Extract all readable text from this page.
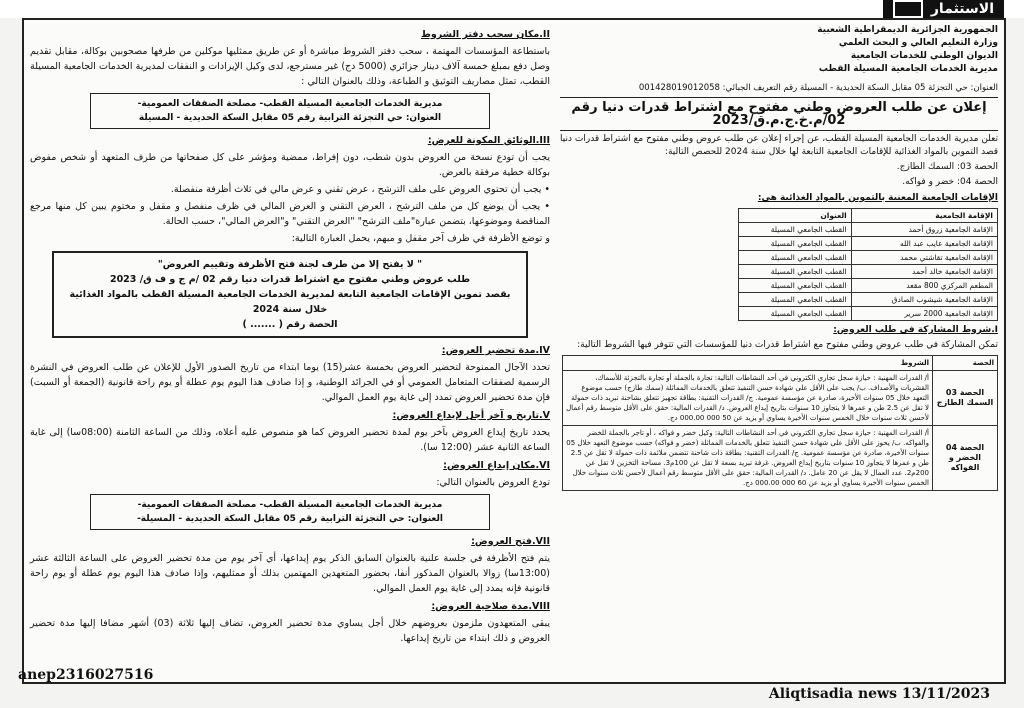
الاستثمار
II.مكان سحب دفتر الشروط
باستطاعة المؤسسات المهتمة ، سحب دفتر الشروط مباشرة أو عن طريق ممثليها موكلين من طرفها مصحوبين بوكالة، مقابل تقديم وصل دفع بمبلغ خمسة آلاف دينار جزائري (5000 دج) غير مسترجع، لدى وكيل الإيرادات و النفقات لمديرية الخدمات الجامعية المسيلة القطب، تمثل مصاريف التوثيق و الطباعة، وذلك بالعنوان التالي :
مديرية الخدمات الجامعية المسيلة القطب- مصلحة الصفقات العمومية-
العنوان: حي التجزئة الترابية رقم 05 مقابل السكة الحديدية - المسيلة
III.الوثائق المكونة للعرض:
يجب أن تودع نسخة من العروض بدون شطب، دون إفراط، ممضية ومؤشر على كل صفحاتها من طرف المتعهد أو شخص مفوض بوكالة خطية مرفقة بالعرض.
• يجب أن تحتوي العروض على ملف الترشح ، عرض تقني و عرض مالي في ثلاث أظرفة منفصلة.
• يجب أن يوضع كل من ملف الترشح ، العرض التقني و العرض المالي في ظرف منفصل و مقفل و مختوم يبين كل منها مرجع المناقصة وموضوعها، بتضمن عبارة"ملف الترشح" "العرض التقني" و"العرض المالي"، حسب الحالة.
و توضع الأظرفة في ظرف آخر مقفل و مبهم، يحمل العبارة التالية:
" لا يفتح إلا من طرف لجنة فتح الأظرفة وتقييم العروض"
طلب عروض وطني مفتوح مع اشتراط قدرات دنيا رقم 02 /م ج و ف ق/ 2023
بقصد تموين الإقامات الجامعية التابعة لمديرية الخدمات الجامعية المسيلة القطب بالمواد الغذائية خلال سنة 2024
الحصة رقم ( ....... )
IV.مدة تحضير العروض:
تحدد الآجال الممنوحة لتحضير العروض بخمسة عشر(15) يوما ابتداء من تاريخ الصدور الأول للإعلان عن طلب العروض في النشرة الرسمية لصفقات المتعامل العمومي أو في الجرائد الوطنية، و إذا صادف هذا اليوم يوم عطلة أو يوم راحة قانونية (الجمعة أو السبت) فإن مدة تحضير العروض تمدد إلى غاية يوم العمل الموالي.
V.تاريخ و آخر أجل لإيداع العروض:
يحدد تاريخ إيداع العروض بآخر يوم لمدة تحضير العروض كما هو منصوص عليه أعلاه، وذلك من الساعة الثامنة (08:00سا) إلى غاية الساعة الثانية عشر (12:00 سا).
VI.مكان إيداع العروض:
تودع العروض بالعنوان التالي:
مديرية الخدمات الجامعية المسيلة القطب- مصلحة الصفقات العمومية-
العنوان: حي التجزئة الترابية رقم 05 مقابل السكة الحديدية - المسيلة-
VII.فتح العروض:
يتم فتح الأظرفة في جلسة علنية بالعنوان السابق الذكر يوم إيداعها، أي آخر يوم من مدة تحضير العروض على الساعة الثالثة عشر (13:00سا) زوالا بالعنوان المذكور أنفا، بحضور المتعهدين المهتمين بذلك أو ممثليهم، وإذا صادف هذا اليوم يوم عطلة أو يوم راحة قانونية فإنه يمدد إلى غاية يوم العمل الموالي.
VIII.مدة صلاحية العروض:
يبقى المتعهدون ملزمون بعروضهم خلال أجل يساوي مدة تحضير العروض، تضاف إليها ثلاثة (03) أشهر مضافا إليها مدة تحضير العروض و ذلك ابتداء من تاريخ إيداعها.
الجمهورية الجزائرية الديمقراطية الشعبية
وزارة التعليم العالي و البحث العلمي
الديوان الوطني للخدمات الجامعية
مديرية الخدمات الجامعية المسيلة القطب
العنوان: حي التجزئة 05 مقابل السكة الحديدية - المسيلة رقم التعريف الجبائي: 001428019012058
إعلان عن طلب العروض وطني مفتوح مع اشتراط قدرات دنيا رقم 02/م.خ.ج.م.ق/2023
تعلن مديرية الخدمات الجامعية المسيلة القطب، عن إجراء إعلان عن طلب عروض وطني مفتوح مع اشتراط قدرات دنيا قصد التموين بالمواد الغذائية للإقامات الجامعية التابعة لها خلال سنة 2024 للحصص التالية:
الحصة 03: السمك الطازج.
الحصة 04: خضر و فواكه.
الإقامات الجامعية المعنية بالتموين بالمواد الغذائية هي:
الإقامة الجامعية	العنوان
الإقامة الجامعية زروق أحمد	القطب الجامعي المسيلة
الإقامة الجامعية عايب عبد الله	القطب الجامعي المسيلة
الإقامة الجامعية تقاشتي محمد	القطب الجامعي المسيلة
الإقامة الجامعية خالد أحمد	القطب الجامعي المسيلة
المطعم المركزي 800 مقعد	القطب الجامعي المسيلة
الإقامة الجامعية شيشوب الصادق	القطب الجامعي المسيلة
الإقامة الجامعية 2000 سرير	القطب الجامعي المسيلة
I.شروط المشاركة في طلب العروض:
تمكن المشاركة في طلب عروض وطني مفتوح مع اشتراط قدرات دنيا للمؤسسات التي تتوفر فيها الشروط التالية:
الحصة	الشروط
الحصة 03 السمك الطازج	أ/ القدرات المهنية : حيازة سجل تجاري الكتروني في أحد النشاطات التالية: تجارة بالجملة أو تجارة بالتجزئة للأسماك، القشريات والأصداف. ب/ يجب على الأقل على شهادة حسن التنفيذ تتعلق بالخدمات المماثلة (سمك طازج) حسب موضوع التعهد خلال 05 سنوات الأخيرة، صادرة عن مؤسسة عمومية. ج/ القدرات التقنية: بطاقة تجهيز تتعلق بشاحنة تبريد ذات حمولة لا تقل عن 2.5 طن و عمرها لا يتجاوز 10 سنوات بتاريخ إيداع العروض. د/ القدرات المالية: حقق على الأقل متوسط رقم أعمال لأحسن ثلاث سنوات خلال الخمس سنوات الأخيرة يساوي أو يزيد عن 50 000 000.00 دج.
الحصة 04 الخضر و الفواكه	أ/ القدرات المهنية : حيازة سجل تجاري الكتروني في أحد النشاطات التالية: وكيل خضر و فواكه ، أو تاجر بالجملة للخضر والفواكه. ب/ يحوز على الأقل على شهادة حسن التنفيذ تتعلق بالخدمات المماثلة (خضر و فواكه) حسب موضوع التعهد خلال 05 سنوات الأخيرة، صادرة عن مؤسسة عمومية. ج/ القدرات التقنية: بطاقة ذات شاحنة تتضمن ملائمة ذات حمولة لا تقل عن 2.5 طن و عمرها لا يتجاوز 10 سنوات بتاريخ إيداع العروض. غرفة تبريد بسعة لا تقل عن 100م3. مساحة التخزين لا تقل عن 200م2. عدد العمال لا يقل عن 20 عامل. د/ القدرات المالية: حقق على الأقل متوسط رقم أعمال لأحسن ثلاث سنوات خلال الخمس سنوات الأخيرة يساوي أو يزيد عن 60 000 000.00 دج.
anep2316027516
Aliqtisadia news 13/11/2023
